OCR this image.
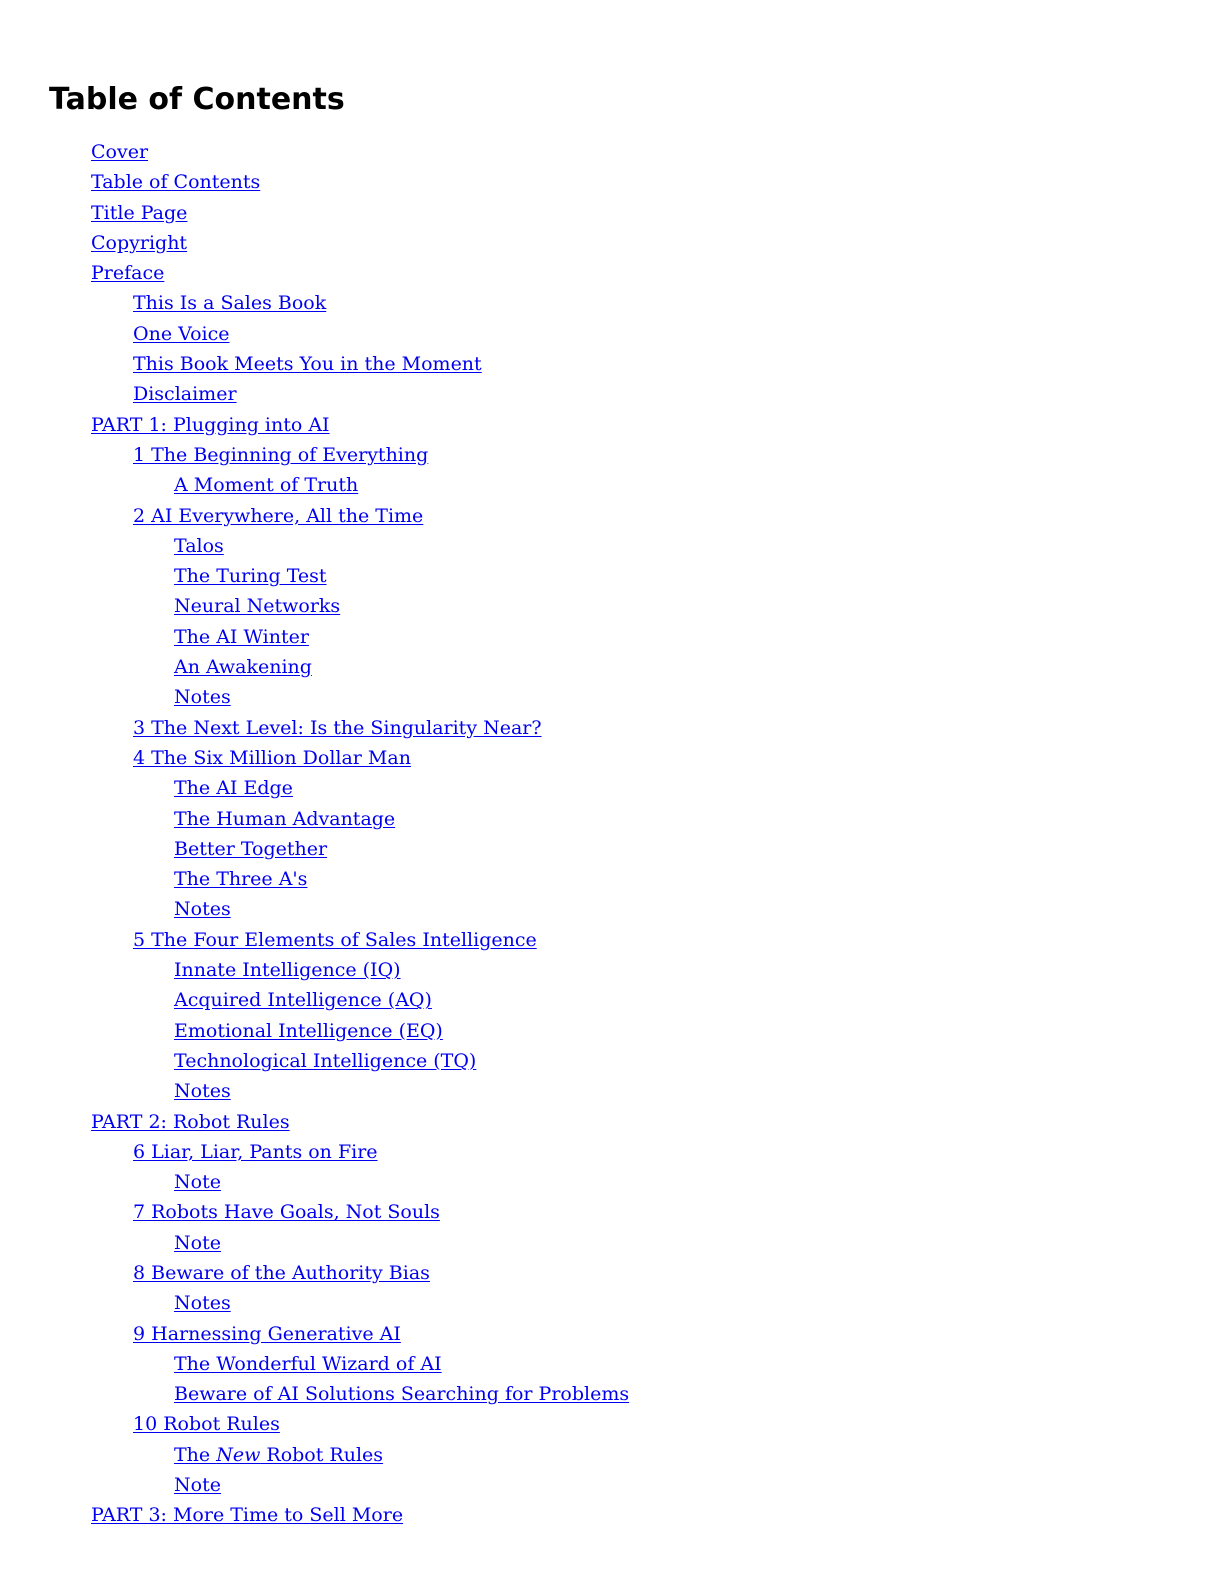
Table of Contents
Cover
Table of Contents
Title Page
Copyright
Preface
This Is a Sales Book
One Voice
This Book Meets You in the Moment
Disclaimer
PART 1: Plugging into AI
1 The Beginning of Everything
A Moment of Truth
2 AI Everywhere, All the Time
Talos
The Turing Test
Neural Networks
The AI Winter
An Awakening
Notes
3 The Next Level: Is the Singularity Near?
4 The Six Million Dollar Man
The AI Edge
The Human Advantage
Better Together
The Three A's
Notes
5 The Four Elements of Sales Intelligence
Innate Intelligence (IQ)
Acquired Intelligence (AQ)
Emotional Intelligence (EQ)
Technological Intelligence (TQ)
Notes
PART 2: Robot Rules
6 Liar, Liar, Pants on Fire
Note
7 Robots Have Goals, Not Souls
Note
8 Beware of the Authority Bias
Notes
9 Harnessing Generative AI
The Wonderful Wizard of AI
Beware of AI Solutions Searching for Problems
10 Robot Rules
The New Robot Rules
Note
PART 3: More Time to Sell More
